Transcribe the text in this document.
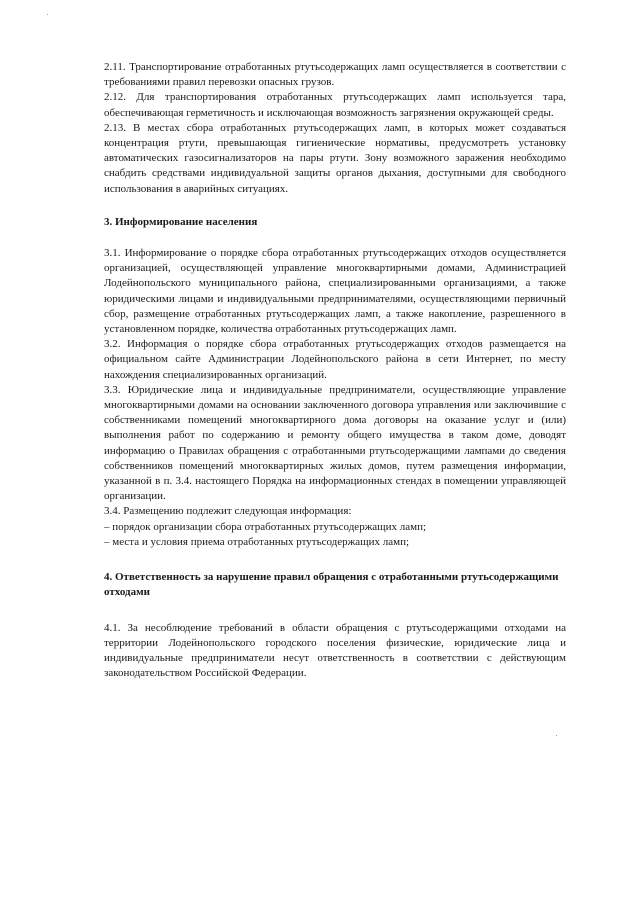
2.11. Транспортирование отработанных ртутьсодержащих ламп осуществляется в соответствии с требованиями правил перевозки опасных грузов.

2.12. Для транспортирования отработанных ртутьсодержащих ламп используется тара, обеспечивающая герметичность и исключающая возможность загрязнения окружающей среды.

2.13. В местах сбора отработанных ртутьсодержащих ламп, в которых может создаваться концентрация ртути, превышающая гигиенические нормативы, предусмотреть установку автоматических газосигнализаторов на пары ртути. Зону возможного заражения необходимо снабдить средствами индивидуальной защиты органов дыхания, доступными для свободного использования в аварийных ситуациях.

3. Информирование населения

3.1. Информирование о порядке сбора отработанных ртутьсодержащих отходов осуществляется организацией, осуществляющей управление многоквартирными домами, Администрацией Лодейнопольского муниципального района, специализированными организациями, а также юридическими лицами и индивидуальными предпринимателями, осуществляющими первичный сбор, размещение отработанных ртутьсодержащих ламп, а также накопление, разрешенного в установленном порядке, количества отработанных ртутьсодержащих ламп.

3.2. Информация о порядке сбора отработанных ртутьсодержащих отходов размещается на официальном сайте Администрации Лодейнопольского района в сети Интернет, по месту нахождения специализированных организаций.

3.3. Юридические лица и индивидуальные предприниматели, осуществляющие управление многоквартирными домами на основании заключенного договора управления или заключившие с собственниками помещений многоквартирного дома договоры на оказание услуг и (или) выполнения работ по содержанию и ремонту общего имущества в таком доме, доводят информацию о Правилах обращения с отработанными ртутьсодержащими лампами до сведения собственников помещений многоквартирных жилых домов, путем размещения информации, указанной в п. 3.4. настоящего Порядка на информационных стендах в помещении управляющей организации.

3.4. Размещению подлежит следующая информация:

– порядок организации сбора отработанных ртутьсодержащих ламп;

– места и условия приема отработанных ртутьсодержащих ламп;

4. Ответственность за нарушение правил обращения с отработанными ртутьсодержащими отходами

4.1. За несоблюдение требований в области обращения с ртутьсодержащими отходами на территории Лодейнопольского городского поселения физические, юридические лица и индивидуальные предприниматели несут ответственность в соответствии с действующим законодательством Российской Федерации.
